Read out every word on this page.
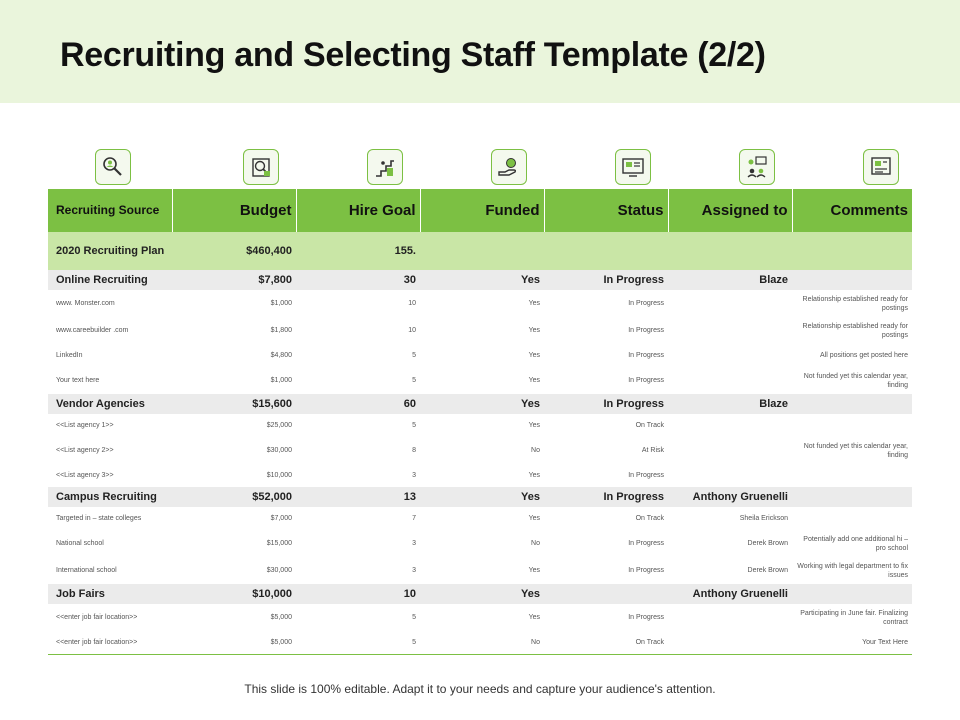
Recruiting and Selecting Staff Template (2/2)
Recruiting Source	Budget	Hire Goal	Funded	Status	Assigned to	Comments
2020 Recruiting Plan	$460,400	155.				
Online Recruiting	$7,800	30	Yes	In Progress	Blaze	
www. Monster.com	$1,000	10	Yes	In Progress		Relationship established ready for postings
www.careebuilder .com	$1,800	10	Yes	In Progress		Relationship established ready for postings
LinkedIn	$4,800	5	Yes	In Progress		All positions get posted here
Your text here	$1,000	5	Yes	In Progress		Not funded yet this calendar year, finding
Vendor Agencies	$15,600	60	Yes	In Progress	Blaze	
<<List agency 1>>	$25,000	5	Yes	On Track		
<<List agency 2>>	$30,000	8	No	At Risk		Not funded yet this calendar year, finding
<<List agency 3>>	$10,000	3	Yes	In Progress		
Campus Recruiting	$52,000	13	Yes	In Progress	Anthony Gruenelli	
Targeted in – state colleges	$7,000	7	Yes	On Track	Sheila Erickson	
National school	$15,000	3	No	In Progress	Derek Brown	Potentially add one additional hi – pro school
International school	$30,000	3	Yes	In Progress	Derek Brown	Working with legal department to fix issues
Job Fairs	$10,000	10	Yes		Anthony Gruenelli	
<<enter job fair location>>	$5,000	5	Yes	In Progress		Participating in June fair. Finalizing contract
<<enter job fair location>>	$5,000	5	No	On Track		Your Text Here
This slide is 100% editable. Adapt it to your needs and capture your audience's attention.
